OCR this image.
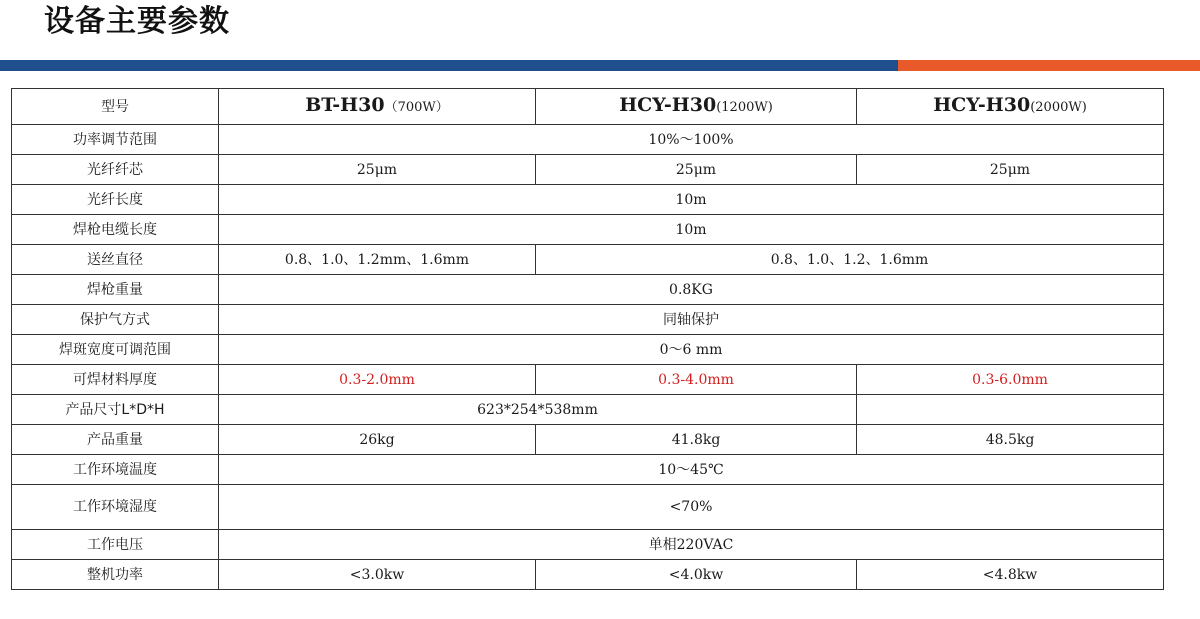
设备主要参数
型号	BT-H30（700W）	HCY-H30(1200W)	HCY-H30(2000W)
功率调节范围	10%～100%		
光纤纤芯	25μm	25μm	25μm
光纤长度	10m		
焊枪电缆长度	10m		
送丝直径	0.8、1.0、1.2mm、1.6mm	0.8、1.0、1.2、1.6mm	
焊枪重量	0.8KG		
保护气方式	同轴保护		
焊斑宽度可调范围	0～6 mm		
可焊材料厚度	0.3-2.0mm	0.3-4.0mm	0.3-6.0mm
产品尺寸L*D*H	623*254*538mm		
产品重量	26kg	41.8kg	48.5kg
工作环境温度	10～45℃		
工作环境湿度	<70%		
工作电压	单相220VAC		
整机功率	<3.0kw	<4.0kw	<4.8kw
